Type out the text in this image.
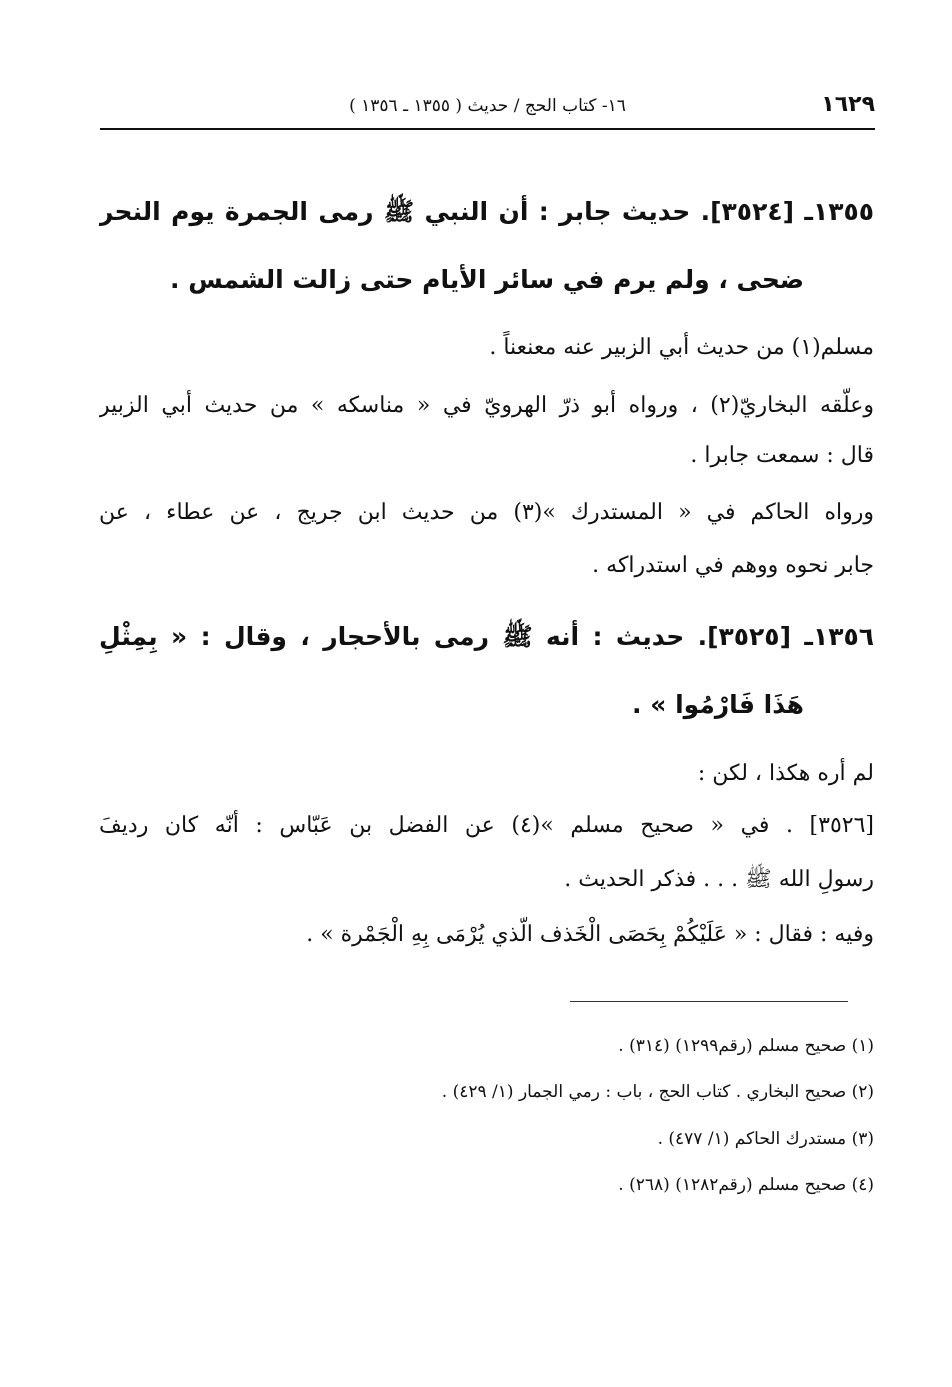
١٦٢٩
١٦- كتاب الحج / حديث ( ١٣٥٥ ـ ١٣٥٦ )
١٣٥٥ـ [٣٥٢٤]. حديث جابر : أن النبي ﷺ رمى الجمرة يوم النحر
ضحى ، ولم يرم في سائر الأيام حتى زالت الشمس .
مسلم(١) من حديث أبي الزبير عنه معنعناً .
وعلّقه البخاريّ(٢) ، ورواه أبو ذرّ الهرويّ في « مناسكه » من حديث أبي الزبير
قال : سمعت جابرا .
ورواه الحاكم في « المستدرك »(٣) من حديث ابن جريج ، عن عطاء ، عن
جابر نحوه ووهم في استدراكه .
١٣٥٦ـ [٣٥٢٥]. حديث : أنه ﷺ رمى بالأحجار ، وقال : « بِمِثْلِ
هَذَا فَارْمُوا » .
لم أره هكذا ، لكن :
[٣٥٢٦] . في « صحيح مسلم »(٤) عن الفضل بن عَبّاس : أنّه كان رديفَ
رسولِ الله ﷺ . . . فذكر الحديث .
وفيه : فقال : « عَلَيْكُمْ بِحَصَى الْخَذف الّذي يُرْمَى بِهِ الْجَمْرة » .
(١) صحيح مسلم (رقم١٢٩٩) (٣١٤) .
(٢) صحيح البخاري . كتاب الحج ، باب : رمي الجمار (١/ ٤٢٩) .
(٣) مستدرك الحاكم (١/ ٤٧٧) .
(٤) صحيح مسلم (رقم١٢٨٢) (٢٦٨) .
